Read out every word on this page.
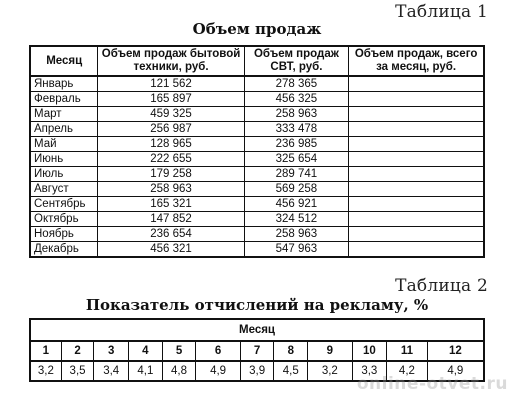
Таблица 1
Объем продаж
Месяц	Объем продаж бытовой техники, руб.	Объем продаж СВТ, руб.	Объем продаж, всего за месяц, руб.
Январь	121 562	278 365	
Февраль	165 897	456 325	
Март	459 325	258 963	
Апрель	256 987	333 478	
Май	128 965	236 985	
Июнь	222 655	325 654	
Июль	179 258	289 741	
Август	258 963	569 258	
Сентябрь	165 321	456 921	
Октябрь	147 852	324 512	
Ноябрь	236 654	258 963	
Декабрь	456 321	547 963	
Таблица 2
Показатель отчислений на рекламу, %
Месяц											
1	2	3	4	5	6	7	8	9	10	11	12
3,2	3,5	3,4	4,1	4,8	4,9	3,9	4,5	3,2	3,3	4,2	4,9
online-otvet.ru
